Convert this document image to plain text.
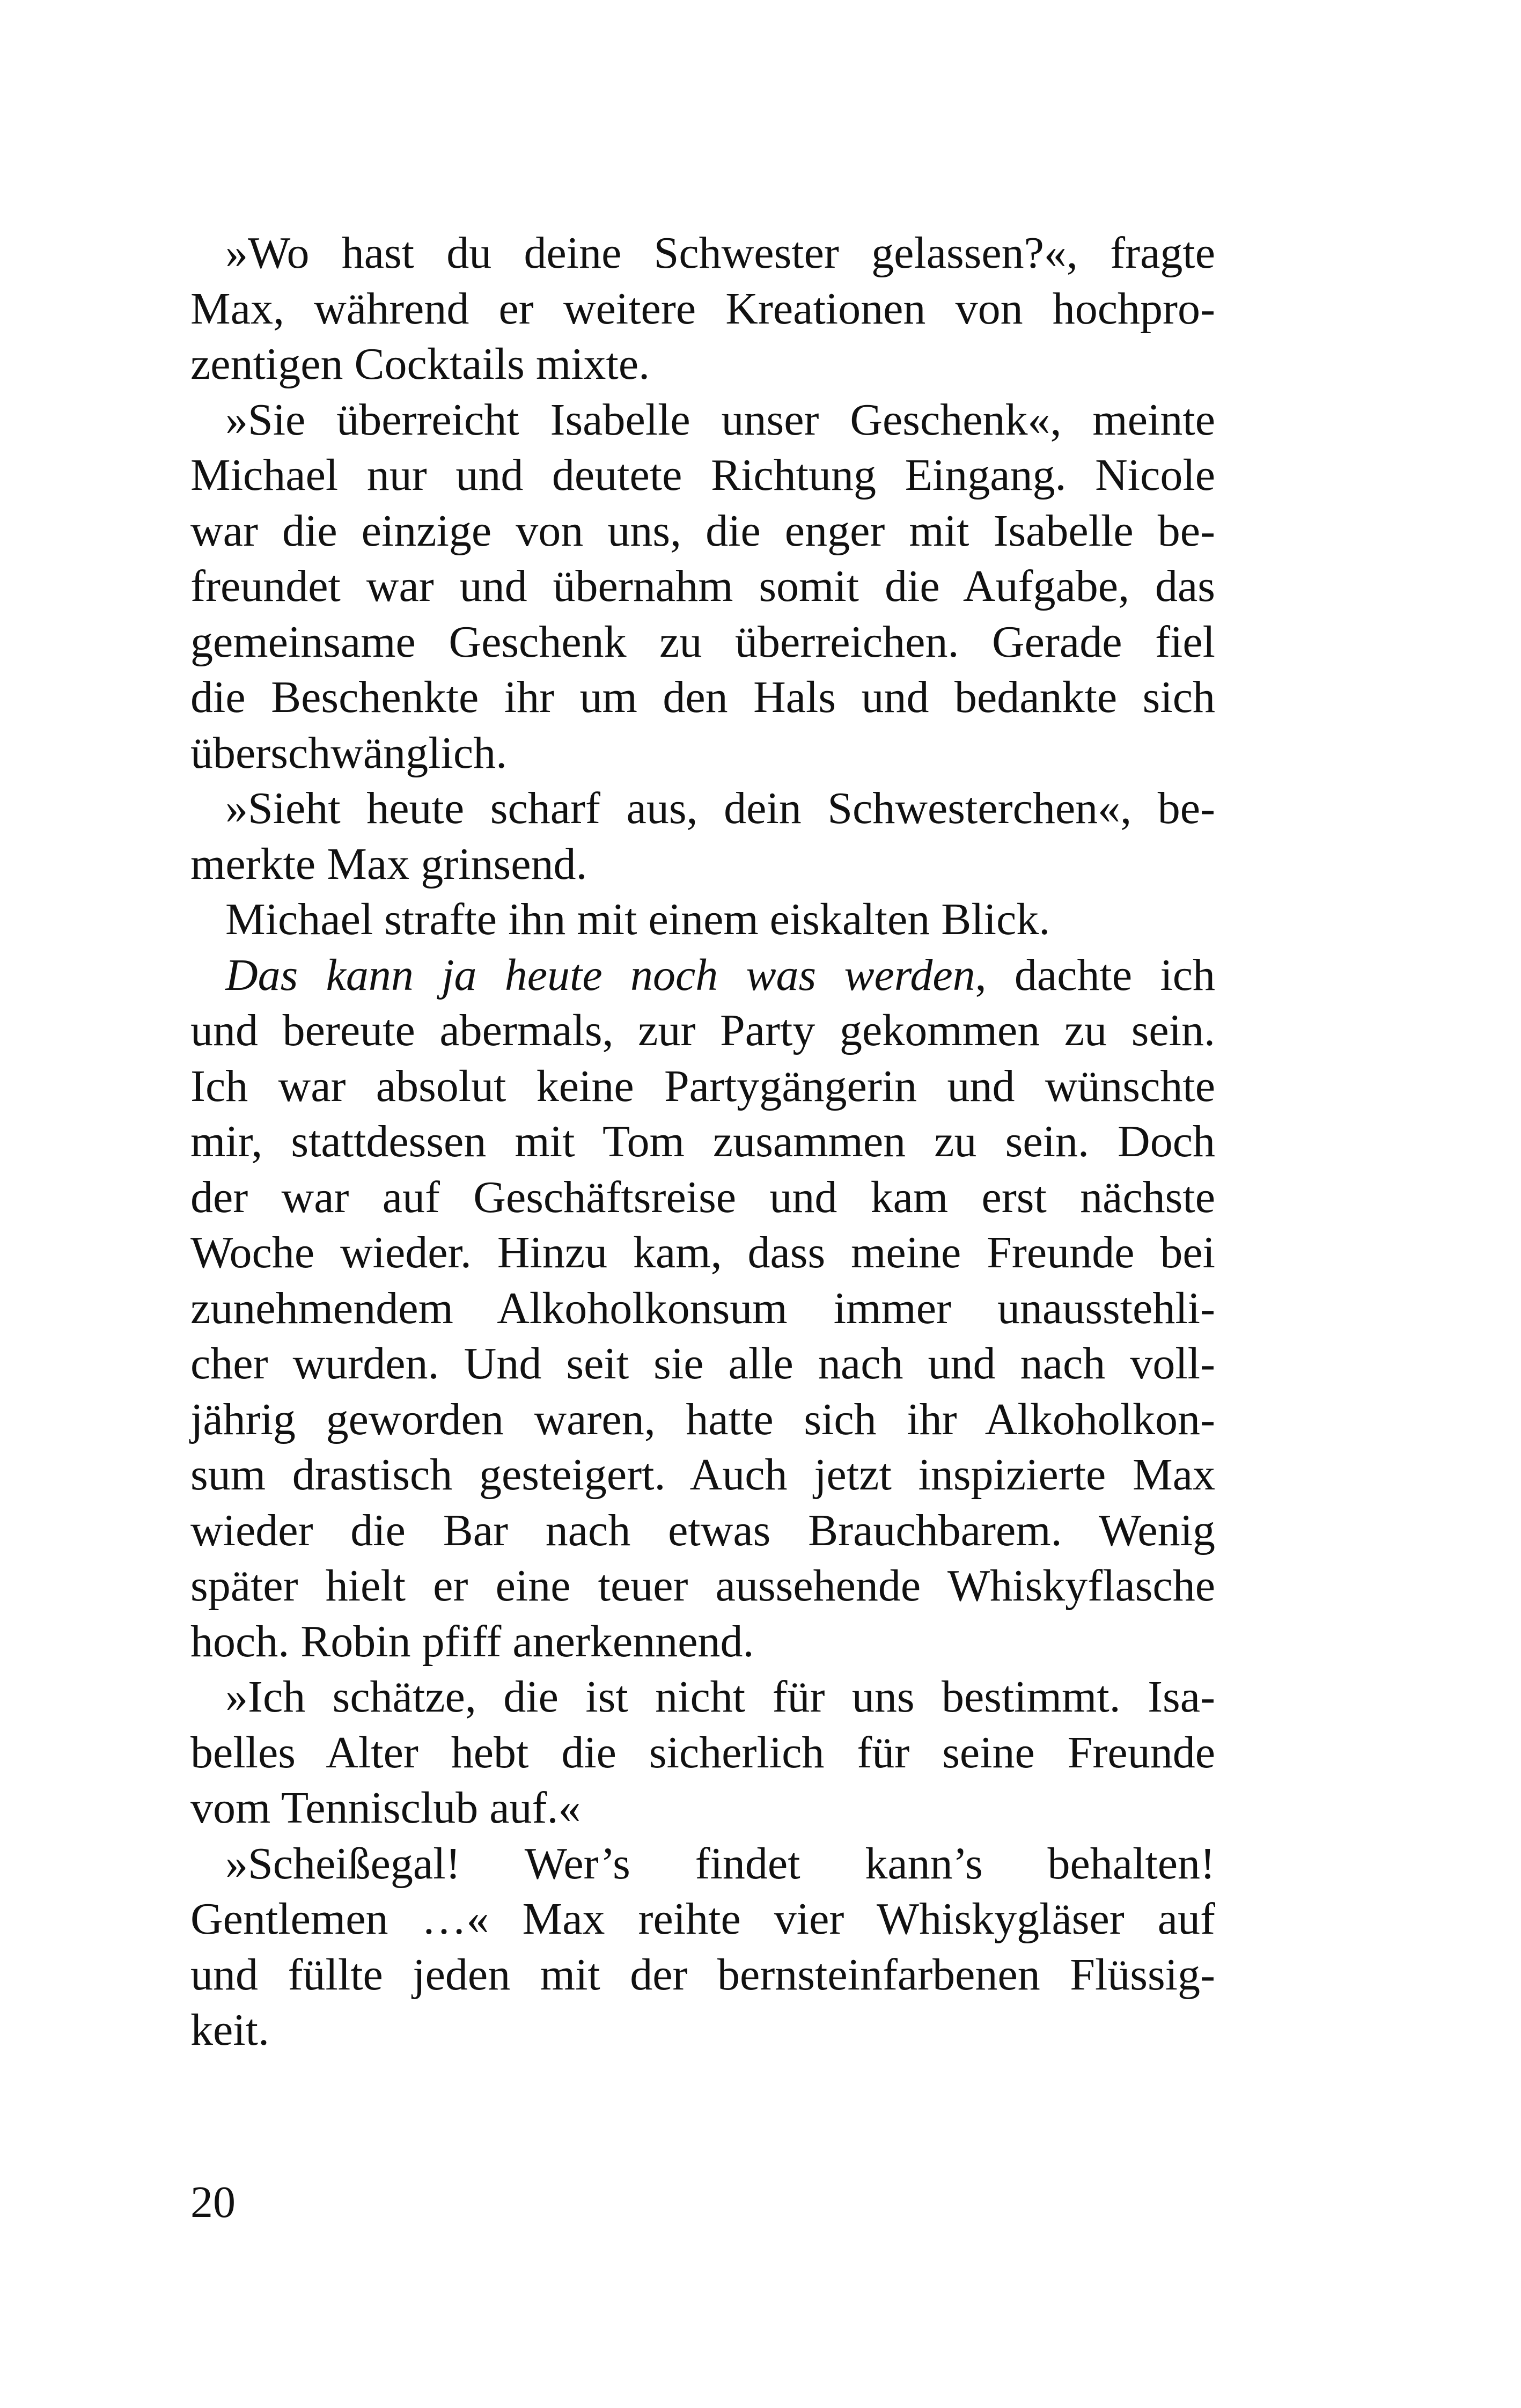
»Wo hast du deine Schwester gelassen?«, fragte
Max, während er weitere Kreationen von hochpro-
zentigen Cocktails mixte.
»Sie überreicht Isabelle unser Geschenk«, meinte
Michael nur und deutete Richtung Eingang. Nicole
war die einzige von uns, die enger mit Isabelle be-
freundet war und übernahm somit die Aufgabe, das
gemeinsame Geschenk zu überreichen. Gerade fiel
die Beschenkte ihr um den Hals und bedankte sich
überschwänglich.
»Sieht heute scharf aus, dein Schwesterchen«, be-
merkte Max grinsend.
Michael strafte ihn mit einem eiskalten Blick.
Das kann ja heute noch was werden, dachte ich
und bereute abermals, zur Party gekommen zu sein.
Ich war absolut keine Partygängerin und wünschte
mir, stattdessen mit Tom zusammen zu sein. Doch
der war auf Geschäftsreise und kam erst nächste
Woche wieder. Hinzu kam, dass meine Freunde bei
zunehmendem Alkoholkonsum immer unausstehli-
cher wurden. Und seit sie alle nach und nach voll-
jährig geworden waren, hatte sich ihr Alkoholkon-
sum drastisch gesteigert. Auch jetzt inspizierte Max
wieder die Bar nach etwas Brauchbarem. Wenig
später hielt er eine teuer aussehende Whiskyflasche
hoch. Robin pfiff anerkennend.
»Ich schätze, die ist nicht für uns bestimmt. Isa-
belles Alter hebt die sicherlich für seine Freunde
vom Tennisclub auf.«
»Scheißegal! Wer’s findet kann’s behalten!
Gentlemen …« Max reihte vier Whiskygläser auf
und füllte jeden mit der bernsteinfarbenen Flüssig-
keit.
20
